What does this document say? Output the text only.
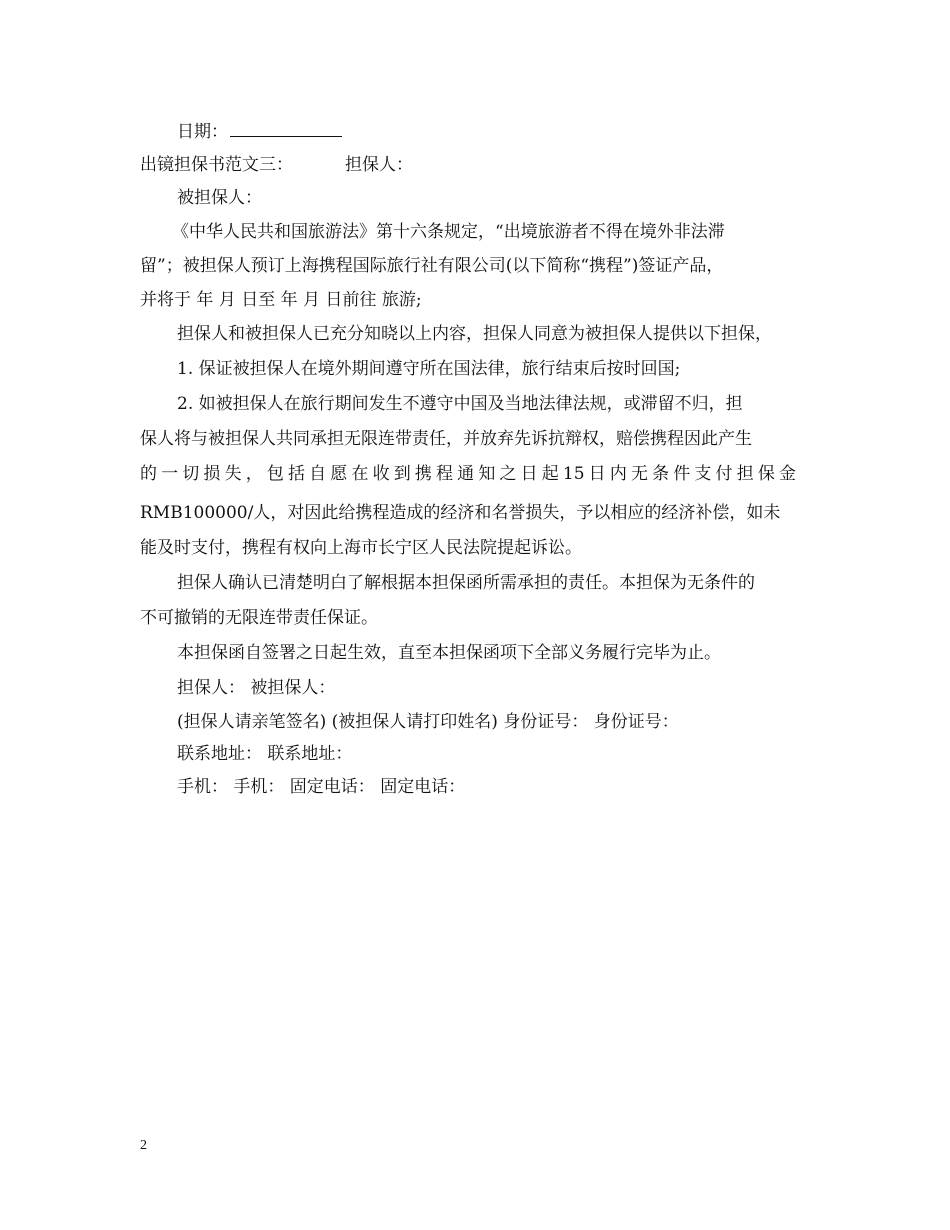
日期：
出镜担保书范文三：	担保人：
被担保人：
《中华人民共和国旅游法》第十六条规定，“出境旅游者不得在境外非法滞
留”；被担保人预订上海携程国际旅行社有限公司(以下简称“携程”)签证产品，
并将于 年 月 日至 年 月 日前往 旅游;
担保人和被担保人已充分知晓以上内容，担保人同意为被担保人提供以下担保，
1. 保证被担保人在境外期间遵守所在国法律，旅行结束后按时回国;
2. 如被担保人在旅行期间发生不遵守中国及当地法律法规，或滞留不归，担
保人将与被担保人共同承担无限连带责任，并放弃先诉抗辩权，赔偿携程因此产生
的一切损失，包括自愿在收到携程通知之日起15日内无条件支付担保金
RMB100000/人，对因此给携程造成的经济和名誉损失，予以相应的经济补偿，如未
能及时支付，携程有权向上海市长宁区人民法院提起诉讼。
担保人确认已清楚明白了解根据本担保函所需承担的责任。本担保为无条件的
不可撤销的无限连带责任保证。
本担保函自签署之日起生效，直至本担保函项下全部义务履行完毕为止。
担保人： 被担保人：
(担保人请亲笔签名) (被担保人请打印姓名) 身份证号： 身份证号：
联系地址： 联系地址：
手机： 手机： 固定电话： 固定电话：
2
